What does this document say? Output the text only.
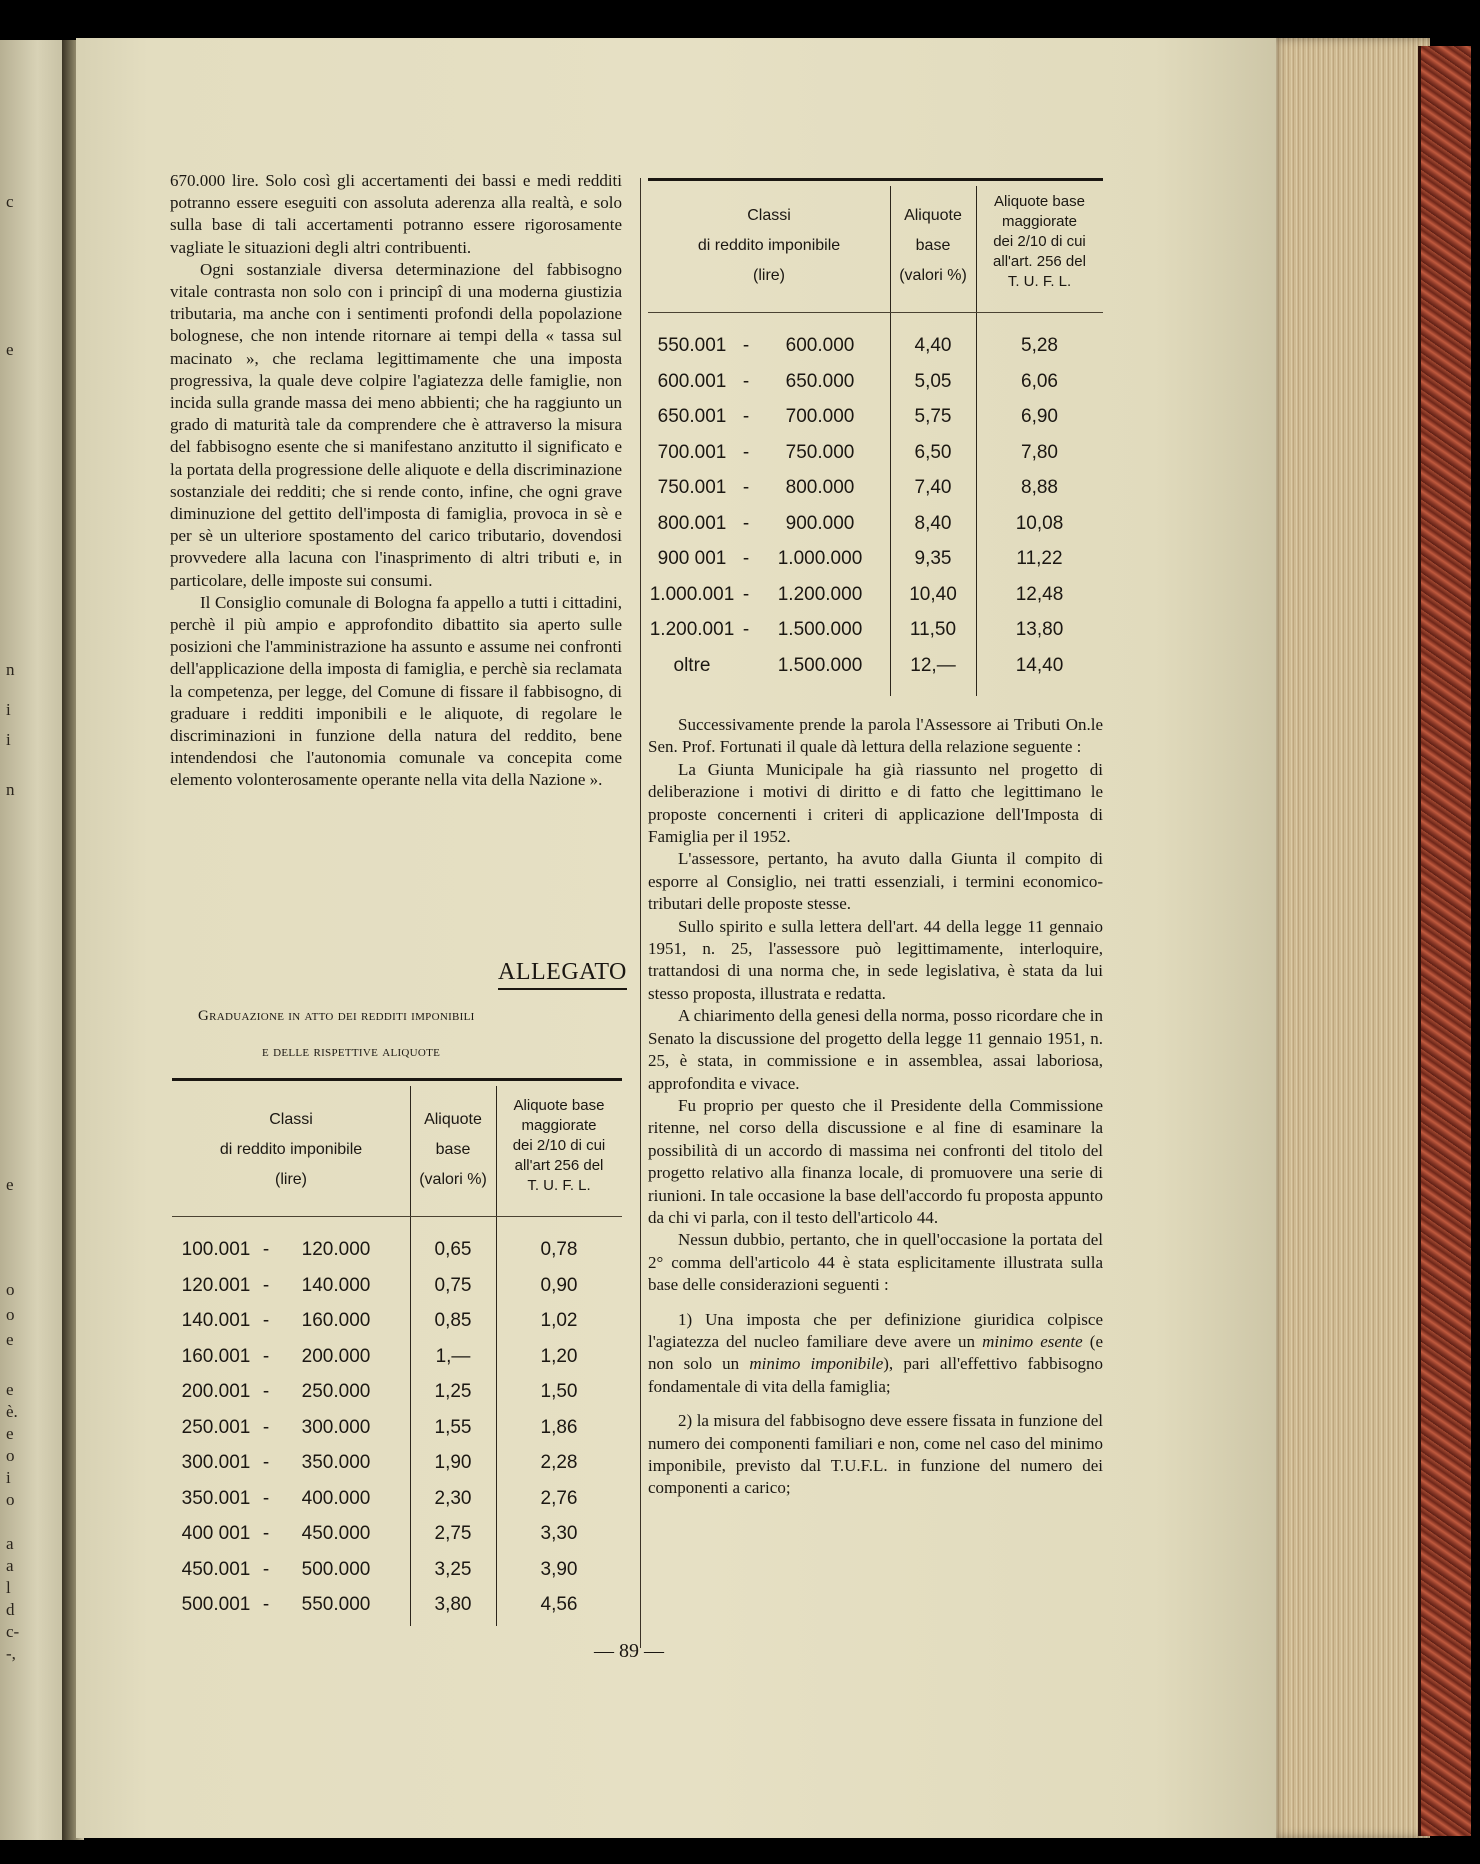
c
e
n
i
i
n
e
o
o
e
e
è.
e
o
i
o
a
a
l
d
c-
-,

670.000 lire. Solo così gli accertamenti dei bassi e medi redditi potranno essere eseguiti con assoluta aderenza alla realtà, e solo sulla base di tali accertamenti potranno essere rigorosamente vagliate le situazioni degli altri contribuenti.

Ogni sostanziale diversa determinazione del fabbisogno vitale contrasta non solo con i principî di una moderna giustizia tributaria, ma anche con i sentimenti profondi della popolazione bolognese, che non intende ritornare ai tempi della « tassa sul macinato », che reclama legittimamente che una imposta progressiva, la quale deve colpire l'agiatezza delle famiglie, non incida sulla grande massa dei meno abbienti; che ha raggiunto un grado di maturità tale da comprendere che è attraverso la misura del fabbisogno esente che si manifestano anzitutto il significato e la portata della progressione delle aliquote e della discriminazione sostanziale dei redditi; che si rende conto, infine, che ogni grave diminuzione del gettito dell'imposta di famiglia, provoca in sè e per sè un ulteriore spostamento del carico tributario, dovendosi provvedere alla lacuna con l'inasprimento di altri tributi e, in particolare, delle imposte sui consumi.

Il Consiglio comunale di Bologna fa appello a tutti i cittadini, perchè il più ampio e approfondito dibattito sia aperto sulle posizioni che l'amministrazione ha assunto e assume nei confronti dell'applicazione della imposta di famiglia, e perchè sia reclamata la competenza, per legge, del Comune di fissare il fabbisogno, di graduare i redditi imponibili e le aliquote, di regolare le discriminazioni in funzione della natura del reddito, bene intendendosi che l'autonomia comunale va concepita come elemento volonterosamente operante nella vita della Nazione ».

ALLEGATO
Graduazione in atto dei redditi imponibili
e delle rispettive aliquote
Classi
di reddito imponibile
(lire)
Aliquote
base
(valori %)
Aliquote base
maggiorate
dei 2/10 di cui
all'art 256 del
T. U. F. L.
100.001 -	120.000	0,65	0,78
120.001 -	140.000	0,75	0,90
140.001 -	160.000	0,85	1,02
160.001 -	200.000	1,—	1,20
200.001 -	250.000	1,25	1,50
250.001 -	300.000	1,55	1,86
300.001 -	350.000	1,90	2,28
350.001 -	400.000	2,30	2,76
400 001 -	450.000	2,75	3,30
450.001 -	500.000	3,25	3,90
500.001 -	550.000	3,80	4,56
Classi
di reddito imponibile
(lire)
Aliquote
base
(valori %)
Aliquote base
maggiorate
dei 2/10 di cui
all'art. 256 del
T. U. F. L.
550.001 -	600.000	4,40	5,28
600.001 -	650.000	5,05	6,06
650.001 -	700.000	5,75	6,90
700.001 -	750.000	6,50	7,80
750.001 -	800.000	7,40	8,88
800.001 -	900.000	8,40	10,08
900 001 -	1.000.000	9,35	11,22
1.000.001 -	1.200.000	10,40	12,48
1.200.001 -	1.500.000	11,50	13,80
oltre	1.500.000	12,—	14,40

Successivamente prende la parola l'Assessore ai Tributi On.le Sen. Prof. Fortunati il quale dà lettura della relazione seguente :

La Giunta Municipale ha già riassunto nel progetto di deliberazione i motivi di diritto e di fatto che legittimano le proposte concernenti i criteri di applicazione dell'Imposta di Famiglia per il 1952.

L'assessore, pertanto, ha avuto dalla Giunta il compito di esporre al Consiglio, nei tratti essenziali, i termini economico-tributari delle proposte stesse.

Sullo spirito e sulla lettera dell'art. 44 della legge 11 gennaio 1951, n. 25, l'assessore può legittimamente, interloquire, trattandosi di una norma che, in sede legislativa, è stata da lui stesso proposta, illustrata e redatta.

A chiarimento della genesi della norma, posso ricordare che in Senato la discussione del progetto della legge 11 gennaio 1951, n. 25, è stata, in commissione e in assemblea, assai laboriosa, approfondita e vivace.

Fu proprio per questo che il Presidente della Commissione ritenne, nel corso della discussione e al fine di esaminare la possibilità di un accordo di massima nei confronti del titolo del progetto relativo alla finanza locale, di promuovere una serie di riunioni. In tale occasione la base dell'accordo fu proposta appunto da chi vi parla, con il testo dell'articolo 44.

Nessun dubbio, pertanto, che in quell'occasione la portata del 2° comma dell'articolo 44 è stata esplicitamente illustrata sulla base delle considerazioni seguenti :

1) Una imposta che per definizione giuridica colpisce l'agiatezza del nucleo familiare deve avere un minimo esente (e non solo un minimo imponibile), pari all'effettivo fabbisogno fondamentale di vita della famiglia;

2) la misura del fabbisogno deve essere fissata in funzione del numero dei componenti familiari e non, come nel caso del minimo imponibile, previsto dal T.U.F.L. in funzione del numero dei componenti a carico;

— 89 —
